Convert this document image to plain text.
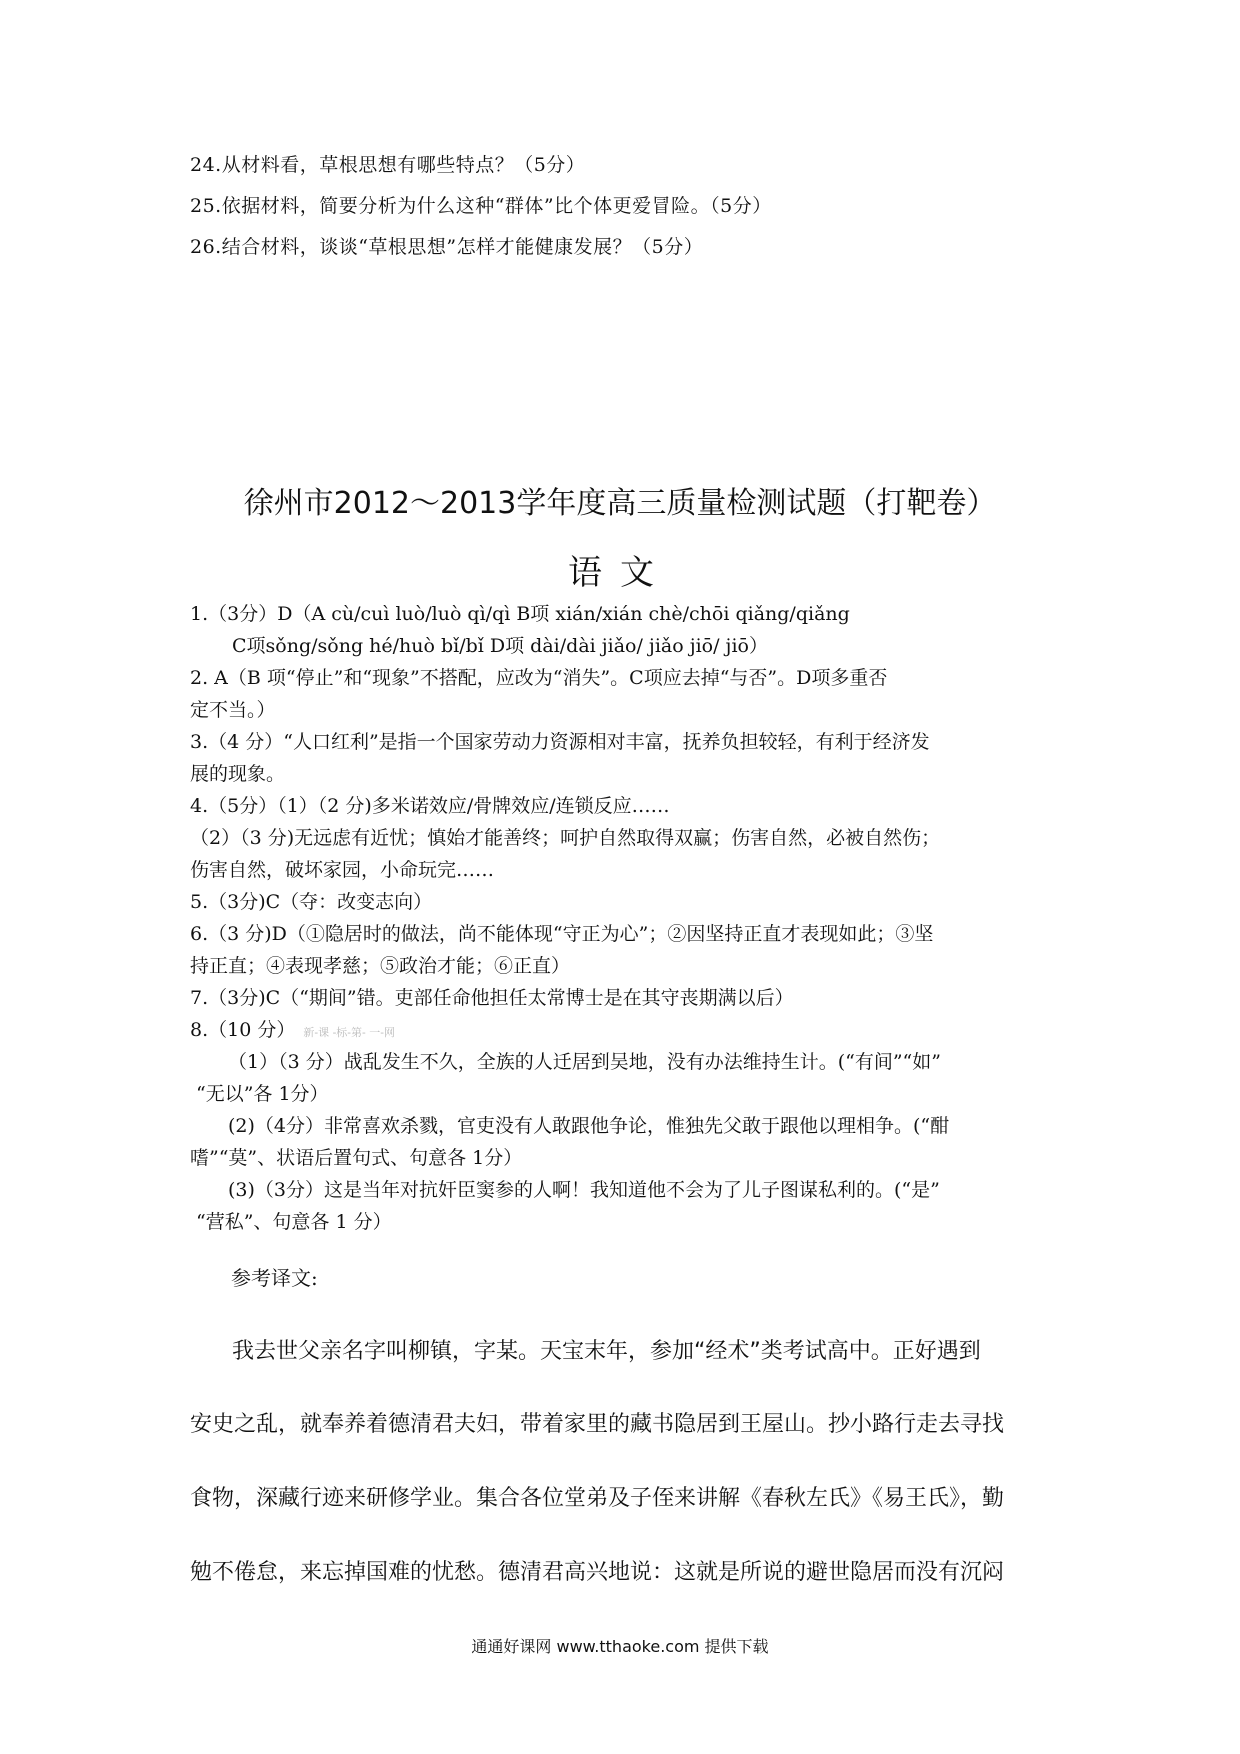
24.从材料看，草根思想有哪些特点？（5分）
25.依据材料，简要分析为什么这种“群体”比个体更爱冒险。（5分）
26.结合材料，谈谈“草根思想”怎样才能健康发展？（5分）
徐州市2012～2013学年度高三质量检测试题（打靶卷）
语文
1.（3分）D（A cù/cuì luò/luò qì/qì B项 xián/xián chè/chōi qiǎng/qiǎng
C项sǒng/sǒng hé/huò bǐ/bǐ D项 dài/dài jiǎo/ jiǎo jiō/ jiō）
2. A（B 项“停止”和“现象”不搭配，应改为“消失”。C项应去掉“与否”。D项多重否
定不当。）
3.（4 分）“人口红利”是指一个国家劳动力资源相对丰富，抚养负担较轻，有利于经济发
展的现象。
4.（5分）（1）（2 分)多米诺效应/骨牌效应/连锁反应……
（2）（3 分)无远虑有近忧；慎始才能善终；呵护自然取得双赢；伤害自然，必被自然伤；
伤害自然，破坏家园，小命玩完……
5.（3分)C（夺：改变志向）
6.（3 分)D（①隐居时的做法，尚不能体现“守正为心”；②因坚持正直才表现如此；③坚
持正直；④表现孝慈；⑤政治才能；⑥正直）
7.（3分)C（“期间”错。吏部任命他担任太常博士是在其守丧期满以后）
8.（10 分） 新-课 -标-第- 一-网
（1）（3 分）战乱发生不久，全族的人迁居到吴地，没有办法维持生计。(“有间”“如”
“无以”各 1分）
(2)（4分）非常喜欢杀戮，官吏没有人敢跟他争论，惟独先父敢于跟他以理相争。(“酣
嗜”“莫”、状语后置句式、句意各 1分）
(3)（3分）这是当年对抗奸臣窦参的人啊！我知道他不会为了儿子图谋私利的。(“是”
“营私”、句意各 1 分）
参考译文:
我去世父亲名字叫柳镇，字某。天宝末年，参加“经术”类考试高中。正好遇到
安史之乱，就奉养着德清君夫妇，带着家里的藏书隐居到王屋山。抄小路行走去寻找
食物，深藏行迹来研修学业。集合各位堂弟及子侄来讲解《春秋左氏》《易王氏》，勤
勉不倦怠，来忘掉国难的忧愁。德清君高兴地说：这就是所说的避世隐居而没有沉闷
通通好课网 www.tthaoke.com 提供下载
